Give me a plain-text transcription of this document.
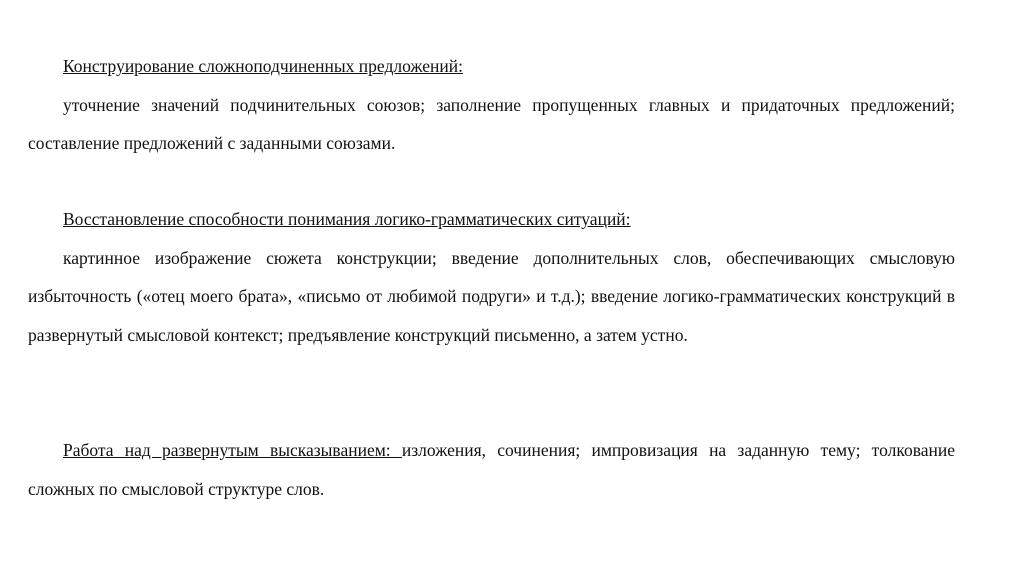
Конструирование сложноподчиненных предложений:

уточнение значений подчинительных союзов; заполнение пропущенных главных и придаточных предложений; составление предложений с заданными союзами.

Восстановление способности понимания логико-грамматических ситуаций:

картинное изображение сюжета конструкции; введение дополнительных слов, обеспечивающих смысловую избыточность («отец моего брата», «письмо от любимой подруги» и т.д.); введение логико-грамматических конструкций в развернутый смысловой контекст; предъявление конструкций письменно, а затем устно.

Работа над развернутым высказыванием: изложения, сочинения; импровизация на заданную тему; толкование сложных по смысловой структуре слов.
